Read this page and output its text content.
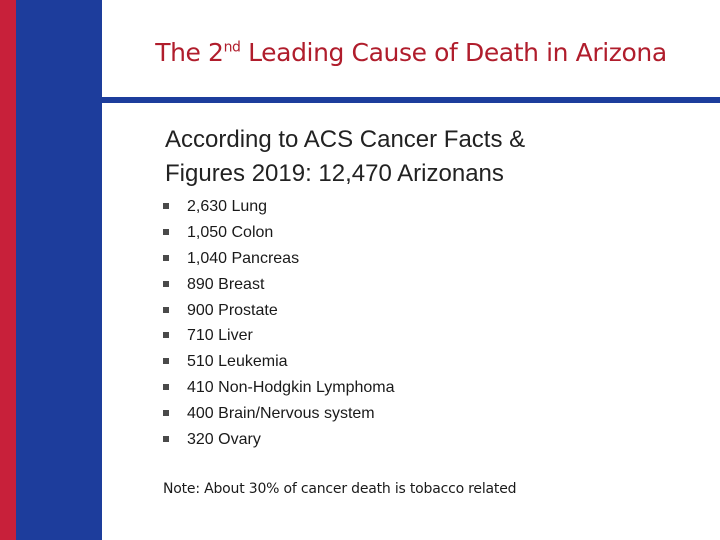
The 2nd Leading Cause of Death in Arizona
According to ACS Cancer Facts &
Figures 2019: 12,470 Arizonans
2,630 Lung
1,050 Colon
1,040 Pancreas
890 Breast
900 Prostate
710 Liver
510 Leukemia
410 Non-Hodgkin Lymphoma
400 Brain/Nervous system
320 Ovary
Note: About 30% of cancer death is tobacco related
